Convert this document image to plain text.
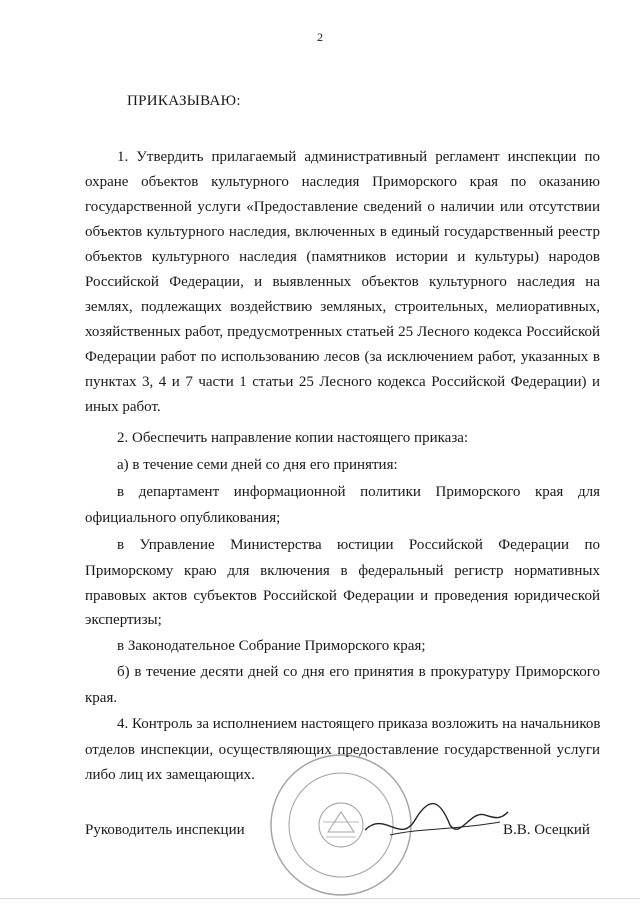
2
ПРИКАЗЫВАЮ:
1. Утвердить прилагаемый административный регламент инспекции по
охране объектов культурного наследия Приморского края по оказанию
государственной услуги «Предоставление сведений о наличии или отсутствии
объектов культурного наследия, включенных в единый государственный реестр
объектов культурного наследия (памятников истории и культуры) народов
Российской Федерации, и выявленных объектов культурного наследия на
землях, подлежащих воздействию земляных, строительных, мелиоративных,
хозяйственных работ, предусмотренных статьей 25 Лесного кодекса Российской
Федерации работ по использованию лесов (за исключением работ, указанных в
пунктах 3, 4 и 7 части 1 статьи 25 Лесного кодекса Российской Федерации) и
иных работ.
2. Обеспечить направление копии настоящего приказа:
а) в течение семи дней со дня его принятия:
в департамент информационной политики Приморского края для
официального опубликования;
в Управление Министерства юстиции Российской Федерации по
Приморскому краю для включения в федеральный регистр нормативных
правовых актов субъектов Российской Федерации и проведения юридической
экспертизы;
в Законодательное Собрание Приморского края;
б) в течение десяти дней со дня его принятия в прокуратуру Приморского
края.
4. Контроль за исполнением настоящего приказа возложить на начальников
отделов инспекции, осуществляющих предоставление государственной услуги
либо лиц их замещающих.
Руководитель инспекции	В.В. Осецкий
